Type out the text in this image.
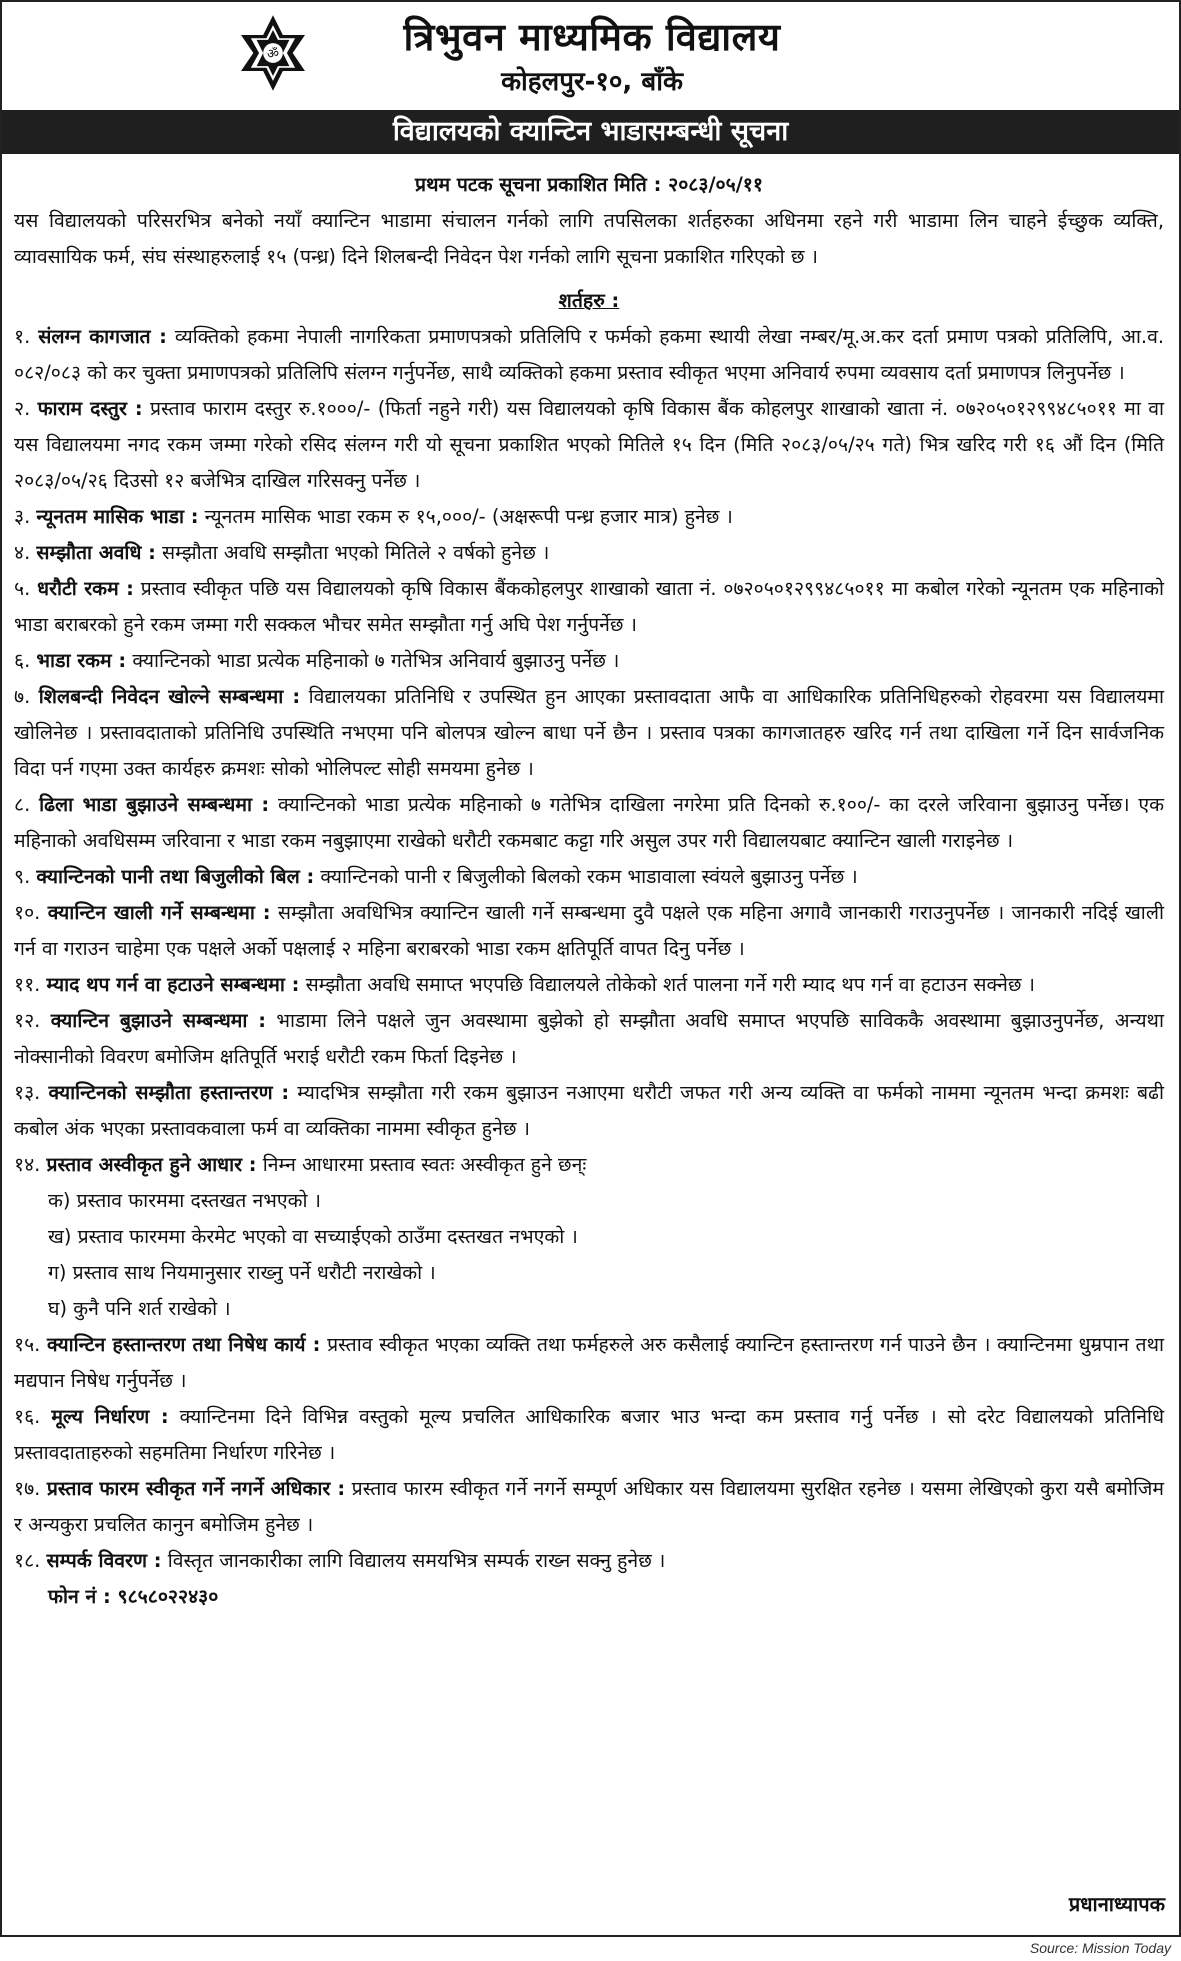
ॐ	त्रिभुवन माध्यमिक विद्यालय
कोहलपुर-१०, बाँके
विद्यालयको क्यान्टिन भाडासम्बन्धी सूचना

प्रथम पटक सूचना प्रकाशित मिति : २०८३/०५/११

यस विद्यालयको परिसरभित्र बनेको नयाँ क्यान्टिन भाडामा संचालन गर्नको लागि तपसिलका शर्तहरुका अधिनमा रहने गरी भाडामा लिन चाहने ईच्छुक व्यक्ति, व्यावसायिक फर्म, संघ संस्थाहरुलाई १५ (पन्ध्र) दिने शिलबन्दी निवेदन पेश गर्नको लागि सूचना प्रकाशित गरिएको छ ।

शर्तहरु :

१. संलग्न कागजात : व्यक्तिको हकमा नेपाली नागरिकता प्रमाणपत्रको प्रतिलिपि र फर्मको हकमा स्थायी लेखा नम्बर/मू.अ.कर दर्ता प्रमाण पत्रको प्रतिलिपि, आ.व. ०८२/०८३ को कर चुक्ता प्रमाणपत्रको प्रतिलिपि संलग्न गर्नुपर्नेछ, साथै व्यक्तिको हकमा प्रस्ताव स्वीकृत भएमा अनिवार्य रुपमा व्यवसाय दर्ता प्रमाणपत्र लिनुपर्नेछ ।

२. फाराम दस्तुर : प्रस्ताव फाराम दस्तुर रु.१०००/- (फिर्ता नहुने गरी) यस विद्यालयको कृषि विकास बैंक कोहलपुर शाखाको खाता नं. ०७२०५०१२९९४८५०११ मा वा यस विद्यालयमा नगद रकम जम्मा गरेको रसिद संलग्न गरी यो सूचना प्रकाशित भएको मितिले १५ दिन (मिति २०८३/०५/२५ गते) भित्र खरिद गरी १६ औं दिन (मिति २०८३/०५/२६ दिउसो १२ बजेभित्र दाखिल गरिसक्नु पर्नेछ ।

३. न्यूनतम मासिक भाडा : न्यूनतम मासिक भाडा रकम रु १५,०००/- (अक्षरूपी पन्ध्र हजार मात्र) हुनेछ ।

४. सम्झौता अवधि : सम्झौता अवधि सम्झौता भएको मितिले २ वर्षको हुनेछ ।

५. धरौटी रकम : प्रस्ताव स्वीकृत पछि यस विद्यालयको कृषि विकास बैंककोहलपुर शाखाको खाता नं. ०७२०५०१२९९४८५०११ मा कबोल गरेको न्यूनतम एक महिनाको भाडा बराबरको हुने रकम जम्मा गरी सक्कल भौचर समेत सम्झौता गर्नु अघि पेश गर्नुपर्नेछ ।

६. भाडा रकम : क्यान्टिनको भाडा प्रत्येक महिनाको ७ गतेभित्र अनिवार्य बुझाउनु पर्नेछ ।

७. शिलबन्दी निवेदन खोल्ने सम्बन्धमा : विद्यालयका प्रतिनिधि र उपस्थित हुन आएका प्रस्तावदाता आफै वा आधिकारिक प्रतिनिधिहरुको रोहवरमा यस विद्यालयमा खोलिनेछ । प्रस्तावदाताको प्रतिनिधि उपस्थिति नभएमा पनि बोलपत्र खोल्न बाधा पर्ने छैन । प्रस्ताव पत्रका कागजातहरु खरिद गर्न तथा दाखिला गर्ने दिन सार्वजनिक विदा पर्न गएमा उक्त कार्यहरु क्रमशः सोको भोलिपल्ट सोही समयमा हुनेछ ।

८. ढिला भाडा बुझाउने सम्बन्धमा : क्यान्टिनको भाडा प्रत्येक महिनाको ७ गतेभित्र दाखिला नगरेमा प्रति दिनको रु.१००/- का दरले जरिवाना बुझाउनु पर्नेछ। एक महिनाको अवधिसम्म जरिवाना र भाडा रकम नबुझाएमा राखेको धरौटी रकमबाट कट्टा गरि असुल उपर गरी विद्यालयबाट क्यान्टिन खाली गराइनेछ ।

९. क्यान्टिनको पानी तथा बिजुलीको बिल : क्यान्टिनको पानी र बिजुलीको बिलको रकम भाडावाला स्वंयले बुझाउनु पर्नेछ ।

१०. क्यान्टिन खाली गर्ने सम्बन्धमा : सम्झौता अवधिभित्र क्यान्टिन खाली गर्ने सम्बन्धमा दुवै पक्षले एक महिना अगावै जानकारी गराउनुपर्नेछ । जानकारी नदिई खाली गर्न वा गराउन चाहेमा एक पक्षले अर्को पक्षलाई २ महिना बराबरको भाडा रकम क्षतिपूर्ति वापत दिनु पर्नेछ ।

११. म्याद थप गर्न वा हटाउने सम्बन्धमा : सम्झौता अवधि समाप्त भएपछि विद्यालयले तोकेको शर्त पालना गर्ने गरी म्याद थप गर्न वा हटाउन सक्नेछ ।

१२. क्यान्टिन बुझाउने सम्बन्धमा : भाडामा लिने पक्षले जुन अवस्थामा बुझेको हो सम्झौता अवधि समाप्त भएपछि साविककै अवस्थामा बुझाउनुपर्नेछ, अन्यथा नोक्सानीको विवरण बमोजिम क्षतिपूर्ति भराई धरौटी रकम फिर्ता दिइनेछ ।

१३. क्यान्टिनको सम्झौता हस्तान्तरण : म्यादभित्र सम्झौता गरी रकम बुझाउन नआएमा धरौटी जफत गरी अन्य व्यक्ति वा फर्मको नाममा न्यूनतम भन्दा क्रमशः बढी कबोल अंक भएका प्रस्तावकवाला फर्म वा व्यक्तिका नाममा स्वीकृत हुनेछ ।

१४. प्रस्ताव अस्वीकृत हुने आधार : निम्न आधारमा प्रस्ताव स्वतः अस्वीकृत हुने छन्ः

क) प्रस्ताव फारममा दस्तखत नभएको ।

ख) प्रस्ताव फारममा केरमेट भएको वा सच्याईएको ठाउँमा दस्तखत नभएको ।

ग) प्रस्ताव साथ नियमानुसार राख्नु पर्ने धरौटी नराखेको ।

घ) कुनै पनि शर्त राखेको ।

१५. क्यान्टिन हस्तान्तरण तथा निषेध कार्य : प्रस्ताव स्वीकृत भएका व्यक्ति तथा फर्महरुले अरु कसैलाई क्यान्टिन हस्तान्तरण गर्न पाउने छैन । क्यान्टिनमा धुम्रपान तथा मद्यपान निषेध गर्नुपर्नेछ ।

१६. मूल्य निर्धारण : क्यान्टिनमा दिने विभिन्न वस्तुको मूल्य प्रचलित आधिकारिक बजार भाउ भन्दा कम प्रस्ताव गर्नु पर्नेछ । सो दरेट विद्यालयको प्रतिनिधि प्रस्तावदाताहरुको सहमतिमा निर्धारण गरिनेछ ।

१७. प्रस्ताव फारम स्वीकृत गर्ने नगर्ने अधिकार : प्रस्ताव फारम स्वीकृत गर्ने नगर्ने सम्पूर्ण अधिकार यस विद्यालयमा सुरक्षित रहनेछ । यसमा लेखिएको कुरा यसै बमोजिम र अन्यकुरा प्रचलित कानुन बमोजिम हुनेछ ।

१८. सम्पर्क विवरण : विस्तृत जानकारीका लागि विद्यालय समयभित्र सम्पर्क राख्न सक्नु हुनेछ ।

फोन नं : ९८५८०२२४३०

प्रधानाध्यापक
Source: Mission Today
